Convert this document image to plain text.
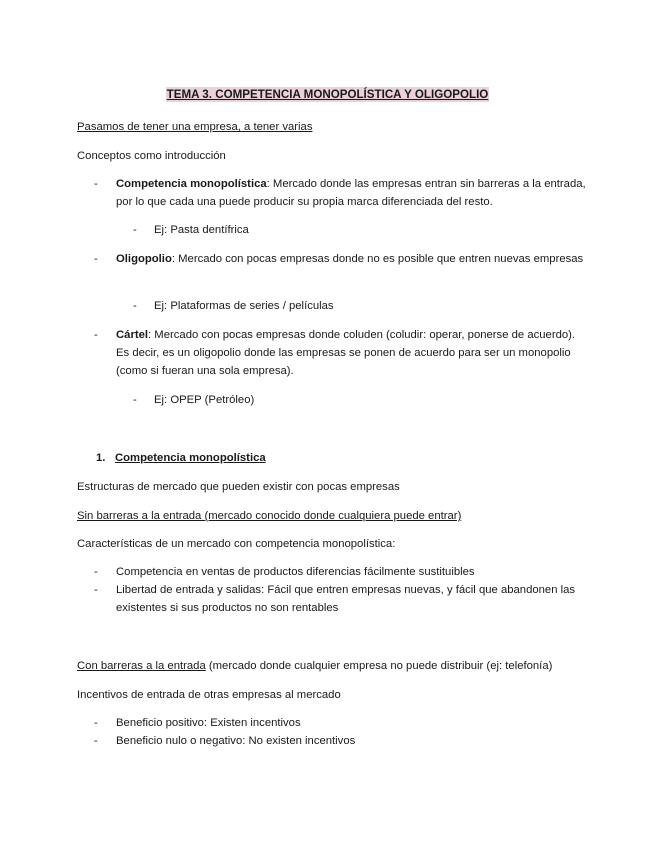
TEMA 3. COMPETENCIA MONOPOLÍSTICA Y OLIGOPOLIO
Pasamos de tener una empresa, a tener varias
Conceptos como introducción
- Competencia monopolística: Mercado donde las empresas entran sin barreras a la entrada, por lo que cada una puede producir su propia marca diferenciada del resto.
- Ej: Pasta dentífrica
- Oligopolio: Mercado con pocas empresas donde no es posible que entren nuevas empresas
- Ej: Plataformas de series / películas
- Cártel: Mercado con pocas empresas donde coluden (coludir: operar, ponerse de acuerdo). Es decir, es un oligopolio donde las empresas se ponen de acuerdo para ser un monopolio (como si fueran una sola empresa).
- Ej: OPEP (Petróleo)
1. Competencia monopolística
Estructuras de mercado que pueden existir con pocas empresas
Sin barreras a la entrada (mercado conocido donde cualquiera puede entrar)
Características de un mercado con competencia monopolística:
- Competencia en ventas de productos diferencias fácilmente sustituibles
- Libertad de entrada y salidas: Fácil que entren empresas nuevas, y fácil que abandonen las existentes si sus productos no son rentables
Con barreras a la entrada (mercado donde cualquier empresa no puede distribuir (ej: telefonía)
Incentivos de entrada de otras empresas al mercado
- Beneficio positivo: Existen incentivos
- Beneficio nulo o negativo: No existen incentivos
